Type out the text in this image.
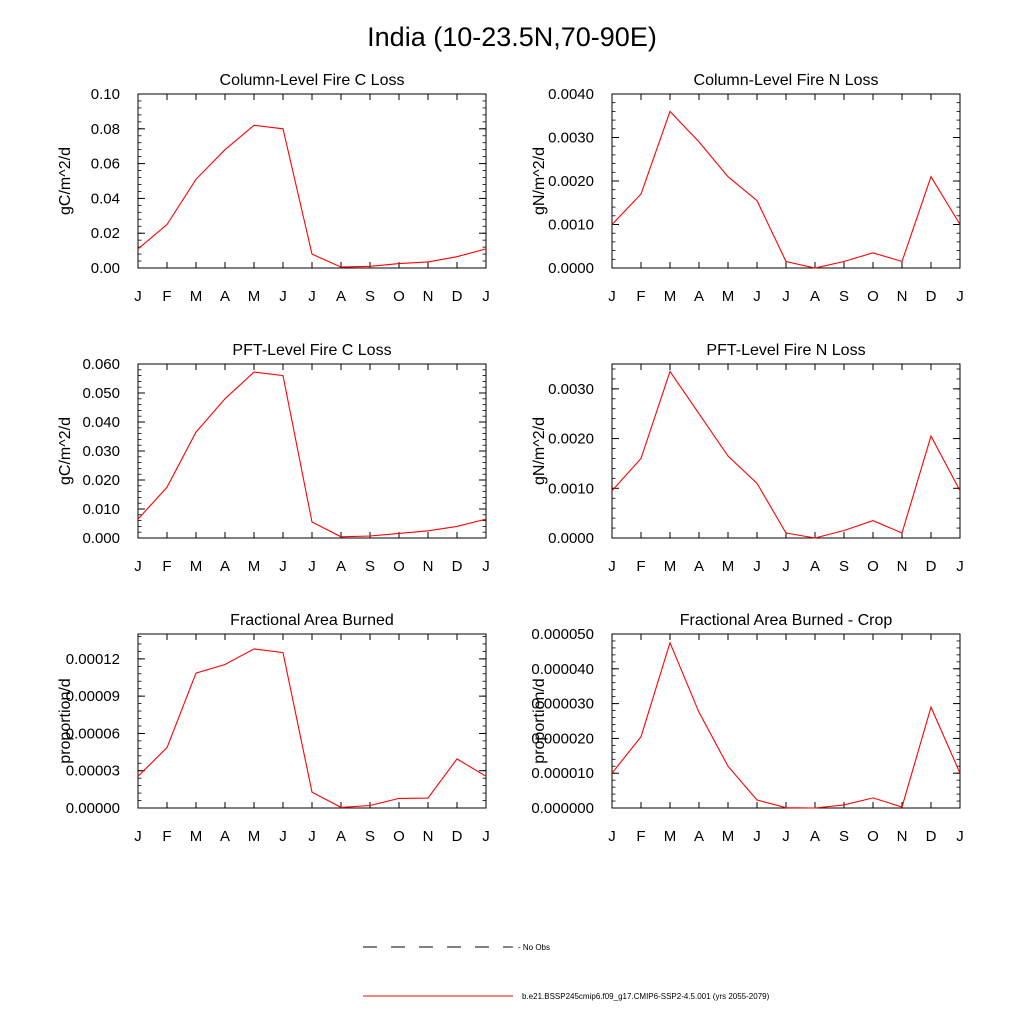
India (10-23.5N,70-90E)
Column-Level Fire C Loss
J F M A M J J A S O N D J
0.00
0.02
0.04
0.06
0.08
0.10
gC/m^2/d
Column-Level Fire N Loss
J F M A M J J A S O N D J
0.0000
0.0010
0.0020
0.0030
0.0040
gN/m^2/d
PFT-Level Fire C Loss
J F M A M J J A S O N D J
0.000
0.010
0.020
0.030
0.040
0.050
0.060
gC/m^2/d
PFT-Level Fire N Loss
J F M A M J J A S O N D J
0.0000
0.0010
0.0020
0.0030
gN/m^2/d
Fractional Area Burned
J F M A M J J A S O N D J
0.00000
0.00003
0.00006
0.00009
0.00012
proportion/d
Fractional Area Burned - Crop
J F M A M J J A S O N D J
0.000000
0.000010
0.000020
0.000030
0.000040
0.000050
proportion/d
- No Obs
b.e21.BSSP245cmip6.f09_g17.CMIP6-SSP2-4.5.001 (yrs 2055-2079)
